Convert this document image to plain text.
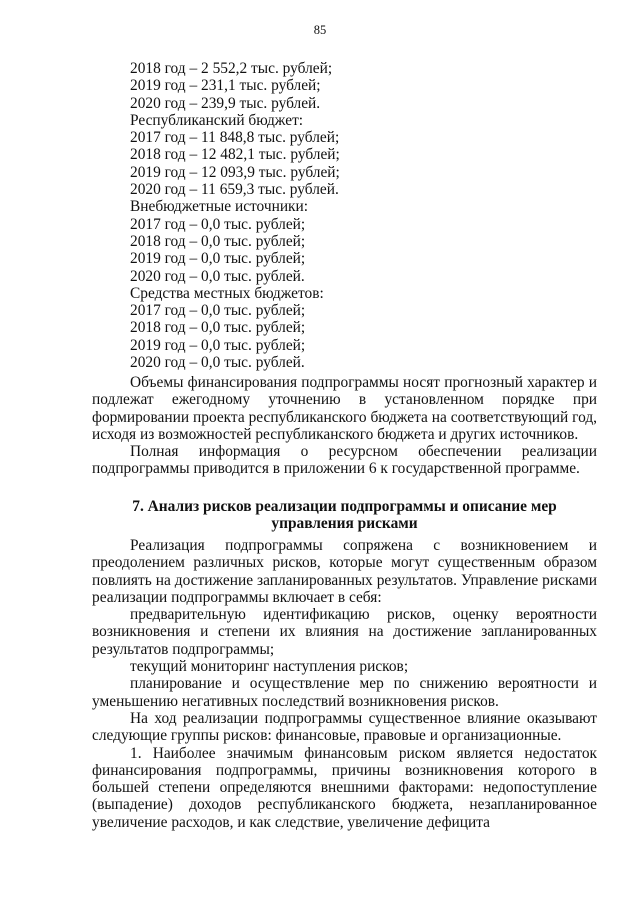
85
2018 год – 2 552,2 тыс. рублей;
2019 год – 231,1 тыс. рублей;
2020 год – 239,9 тыс. рублей.
Республиканский бюджет:
2017 год – 11 848,8 тыс. рублей;
2018 год – 12 482,1 тыс. рублей;
2019 год – 12 093,9 тыс. рублей;
2020 год – 11 659,3 тыс. рублей.
Внебюджетные источники:
2017 год – 0,0 тыс. рублей;
2018 год – 0,0 тыс. рублей;
2019 год – 0,0 тыс. рублей;
2020 год – 0,0 тыс. рублей.
Средства местных бюджетов:
2017 год – 0,0 тыс. рублей;
2018 год – 0,0 тыс. рублей;
2019 год – 0,0 тыс. рублей;
2020 год – 0,0 тыс. рублей.

Объемы финансирования подпрограммы носят прогнозный характер и подлежат ежегодному уточнению в установленном порядке при формировании проекта республиканского бюджета на соответствующий год, исходя из возможностей республиканского бюджета и других источников.

Полная информация о ресурсном обеспечении реализации подпрограммы приводится в приложении 6 к государственной программе.

7. Анализ рисков реализации подпрограммы и описание мер управления рисками

Реализация подпрограммы сопряжена с возникновением и преодолением различных рисков, которые могут существенным образом повлиять на достижение запланированных результатов. Управление рисками реализации подпрограммы включает в себя:

предварительную идентификацию рисков, оценку вероятности возникновения и степени их влияния на достижение запланированных результатов подпрограммы;

текущий мониторинг наступления рисков;

планирование и осуществление мер по снижению вероятности и уменьшению негативных последствий возникновения рисков.

На ход реализации подпрограммы существенное влияние оказывают следующие группы рисков: финансовые, правовые и организационные.

1. Наиболее значимым финансовым риском является недостаток финансирования подпрограммы, причины возникновения которого в большей степени определяются внешними факторами: недопоступление (выпадение) доходов республиканского бюджета, незапланированное увеличение расходов, и как следствие, увеличение дефицита
